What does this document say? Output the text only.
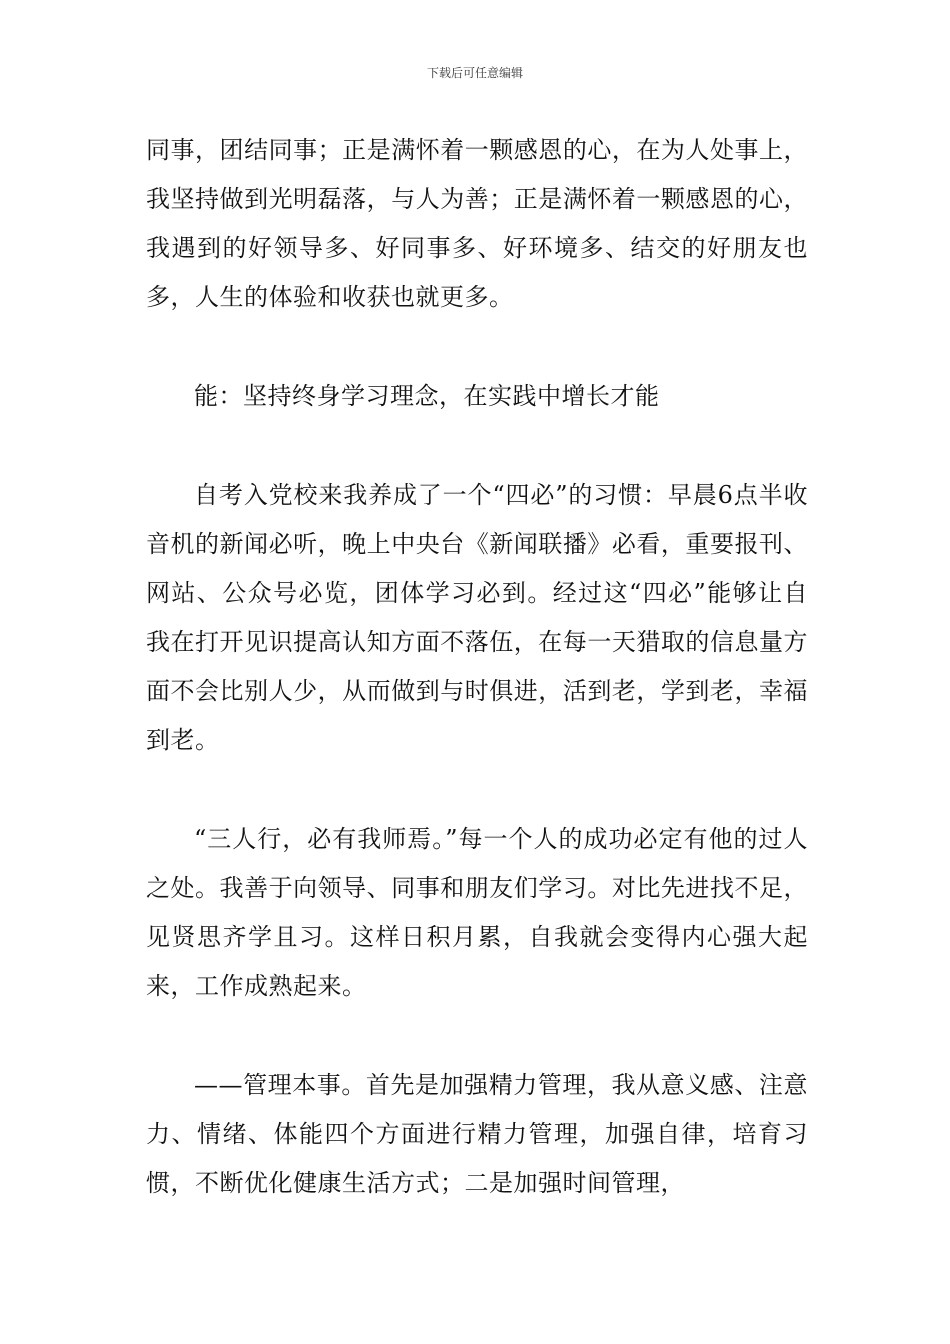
下载后可任意编辑

同事，团结同事；正是满怀着一颗感恩的心，在为人处事上，我坚持做到光明磊落，与人为善；正是满怀着一颗感恩的心，我遇到的好领导多、好同事多、好环境多、结交的好朋友也多，人生的体验和收获也就更多。

能：坚持终身学习理念，在实践中增长才能

自考入党校来我养成了一个“四必”的习惯：早晨6点半收音机的新闻必听，晚上中央台《新闻联播》必看，重要报刊、网站、公众号必览，团体学习必到。经过这“四必”能够让自我在打开见识提高认知方面不落伍，在每一天猎取的信息量方面不会比别人少，从而做到与时俱进，活到老，学到老，幸福到老。

“三人行，必有我师焉。”每一个人的成功必定有他的过人之处。我善于向领导、同事和朋友们学习。对比先进找不足，见贤思齐学且习。这样日积月累，自我就会变得内心强大起来，工作成熟起来。

——管理本事。首先是加强精力管理，我从意义感、注意力、情绪、体能四个方面进行精力管理，加强自律，培育习惯，不断优化健康生活方式；二是加强时间管理，
